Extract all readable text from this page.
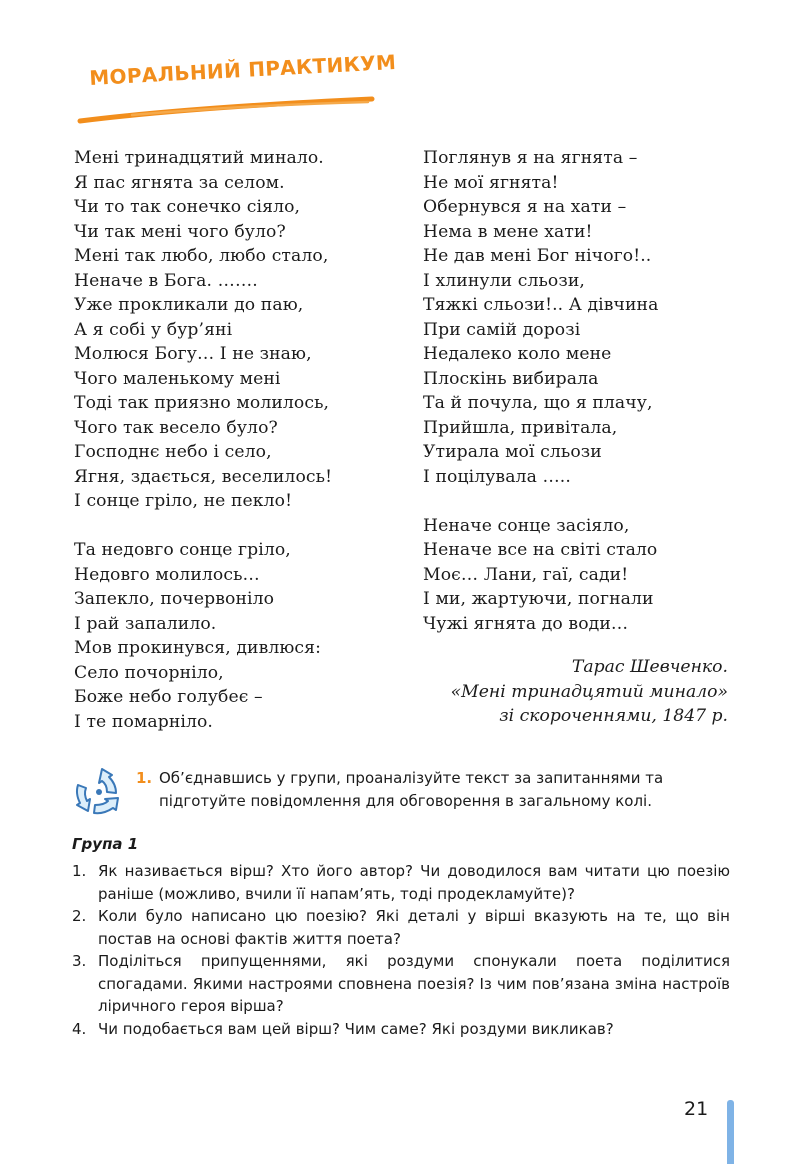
МОРАЛЬНИЙ ПРАКТИКУМ
Мені тринадцятий минало.
Я пас ягнята за селом.
Чи то так сонечко сіяло,
Чи так мені чого було?
Мені так любо, любо стало,
Неначе в Бога. …….
Уже прокликали до паю,
А я собі у бур’яні
Молюся Богу… І не знаю,
Чого маленькому мені
Тоді так приязно молилось,
Чого так весело було?
Господнє небо і село,
Ягня, здається, веселилось!
І сонце гріло, не пекло!
Та недовго сонце гріло,
Недовго молилось…
Запекло, почервоніло
І рай запалило.
Мов прокинувся, дивлюся:
Село почорніло,
Боже небо голубеє –
І те помарніло.
Поглянув я на ягнята –
Не мої ягнята!
Обернувся я на хати –
Нема в мене хати!
Не дав мені Бог нічого!..
І хлинули сльози,
Тяжкі сльози!.. А дівчина
При самій дорозі
Недалеко коло мене
Плоскінь вибирала
Та й почула, що я плачу,
Прийшла, привітала,
Утирала мої сльози
І поцілувала …..
Неначе сонце засіяло,
Неначе все на світі стало
Моє… Лани, гаї, сади!
І ми, жартуючи, погнали
Чужі ягнята до води…
Тарас Шевченко.
«Мені тринадцятий минало»
зі скороченнями, 1847 р.
1. Об’єднавшись у групи, проаналізуйте текст за запитаннями та підготуйте повідомлення для обговорення в загальному колі.
Група 1
1. Як називається вірш? Хто його автор? Чи доводилося вам читати цю поезію раніше (можливо, вчили її напам’ять, тоді продекламуйте)?
2. Коли було написано цю поезію? Які деталі у вірші вказують на те, що він постав на основі фактів життя поета?
3. Поділіться припущеннями, які роздуми спонукали поета поділитися спогадами. Якими настроями сповнена поезія? Із чим пов’язана зміна настроїв ліричного героя вірша?
4. Чи подобається вам цей вірш? Чим саме? Які роздуми викликав?
21
